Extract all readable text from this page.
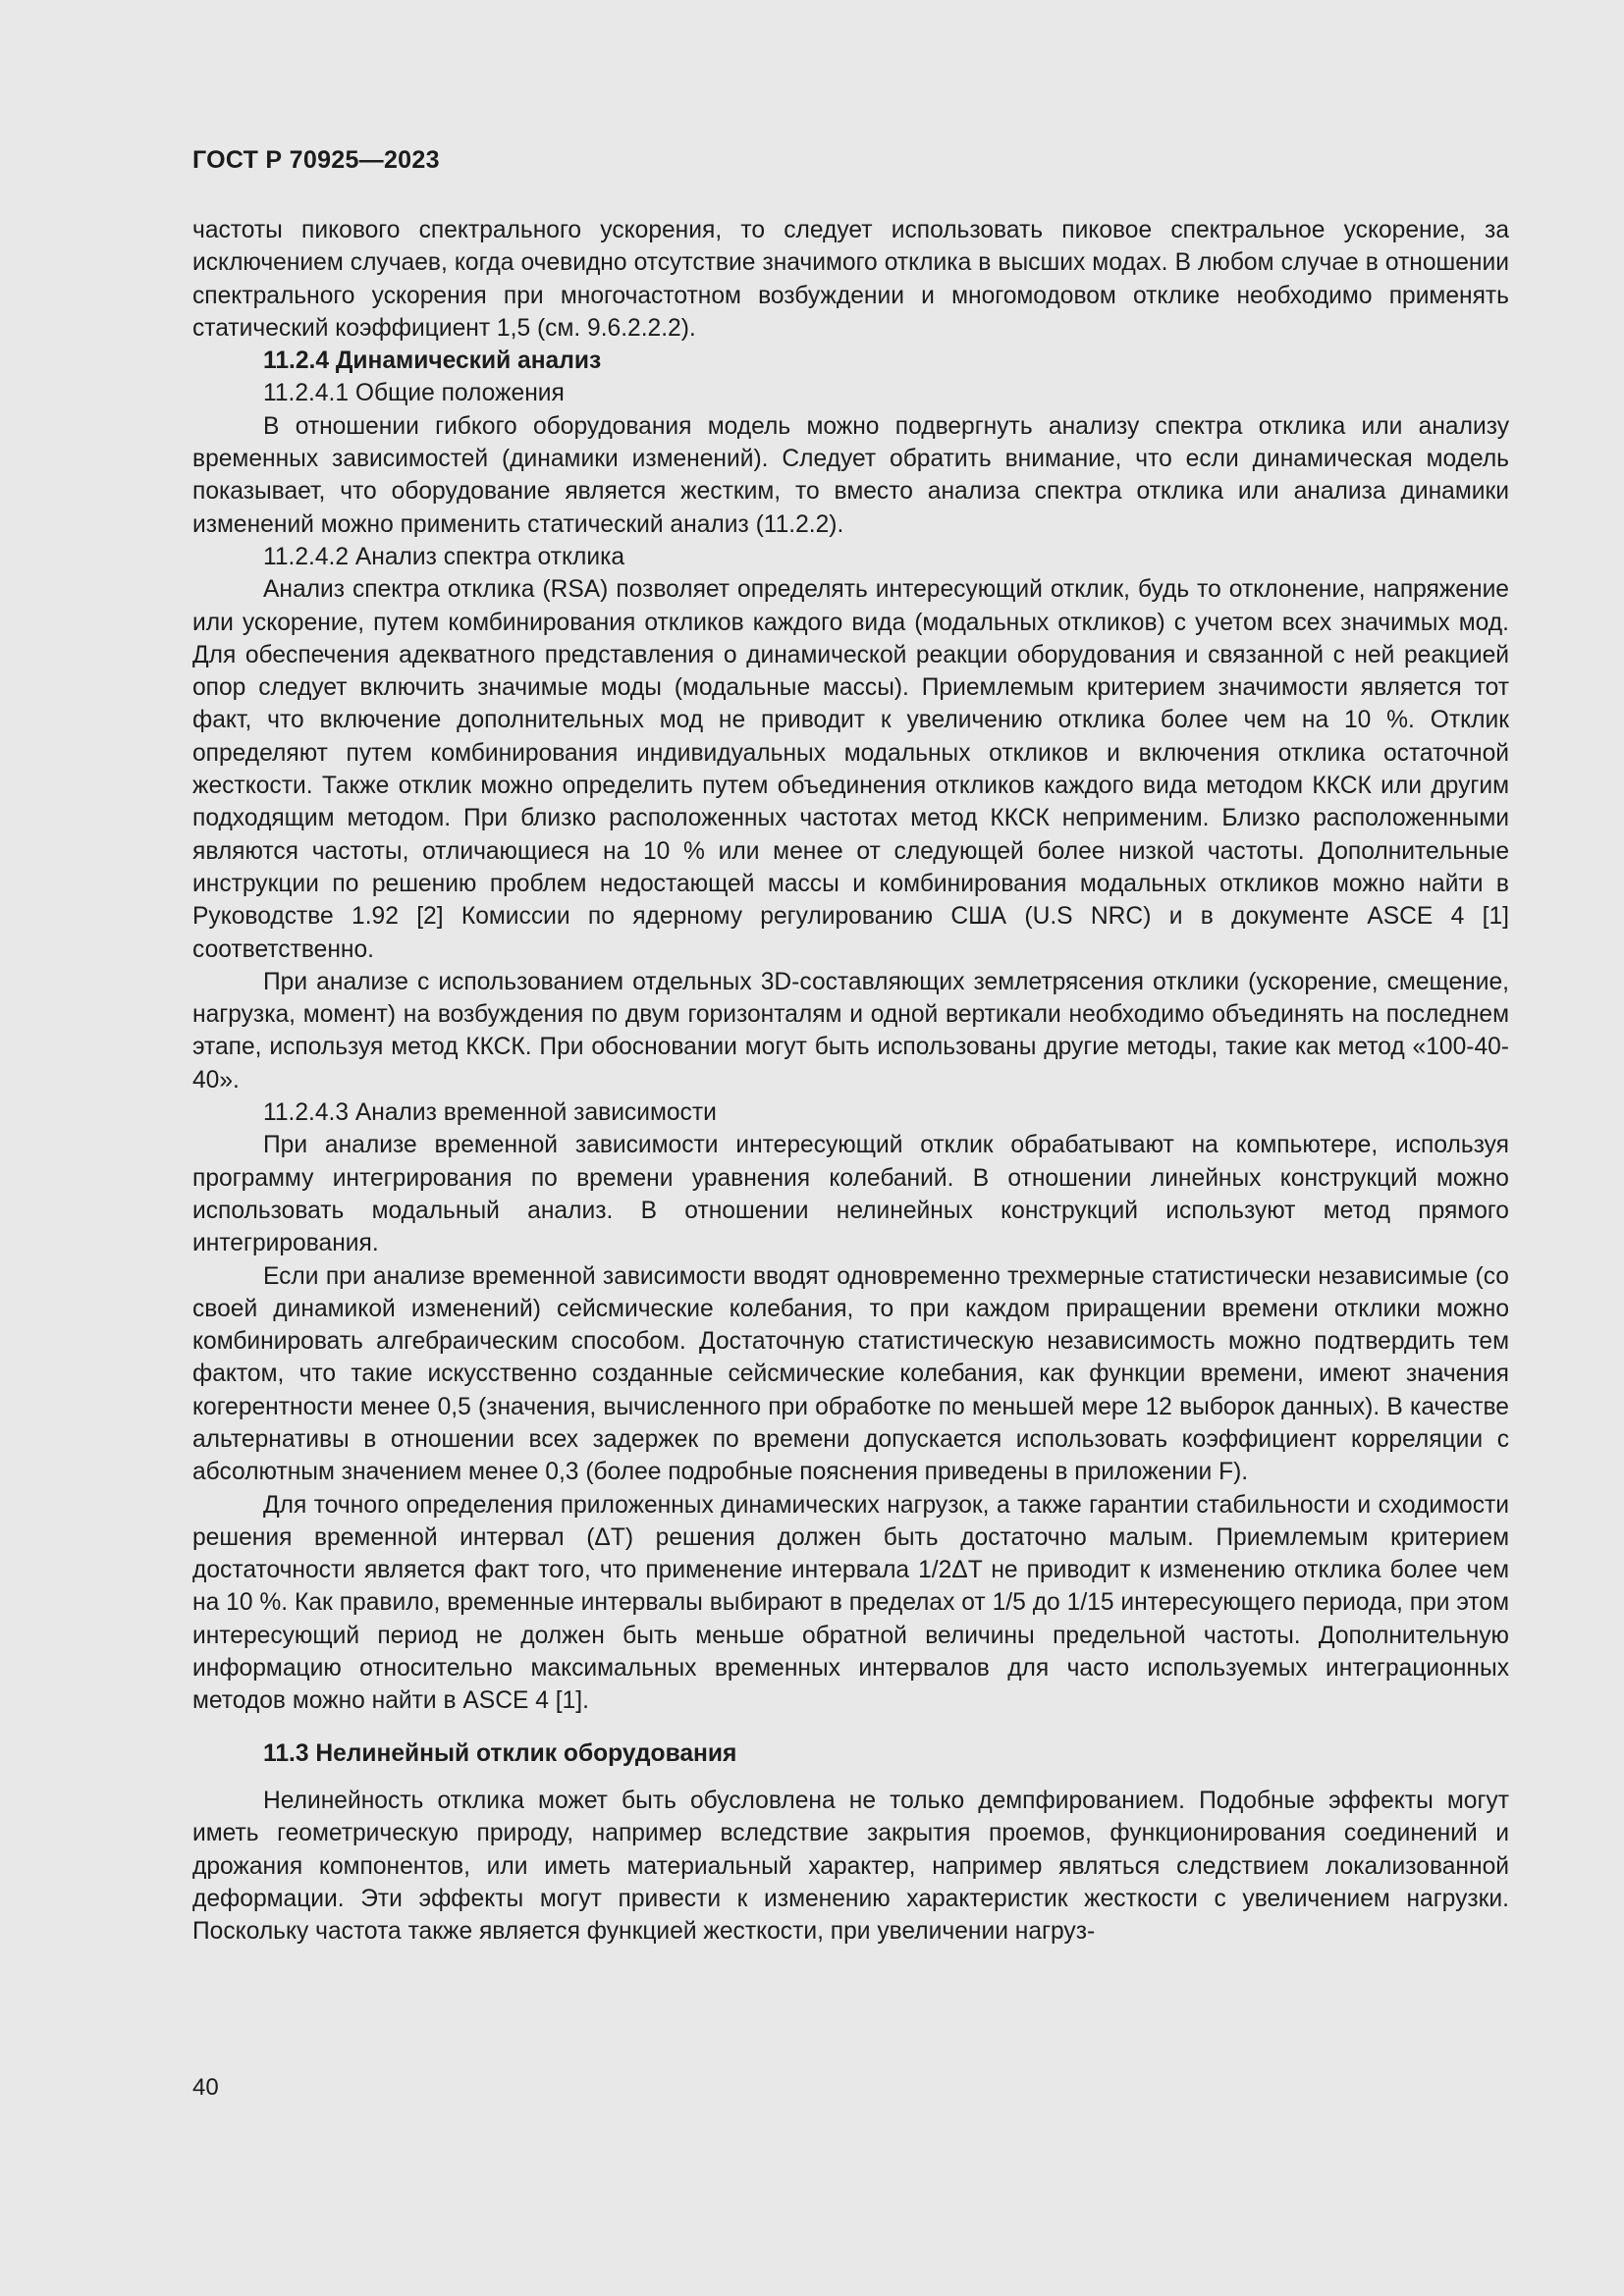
ГОСТ Р 70925—2023

частоты пикового спектрального ускорения, то следует использовать пиковое спектральное ускорение, за исключением случаев, когда очевидно отсутствие значимого отклика в высших модах. В любом случае в отношении спектрального ускорения при многочастотном возбуждении и многомодовом отклике необходимо применять статический коэффициент 1,5 (см. 9.6.2.2.2).

11.2.4 Динамический анализ
11.2.4.1 Общие положения

В отношении гибкого оборудования модель можно подвергнуть анализу спектра отклика или анализу временных зависимостей (динамики изменений). Следует обратить внимание, что если динамическая модель показывает, что оборудование является жестким, то вместо анализа спектра отклика или анализа динамики изменений можно применить статический анализ (11.2.2).

11.2.4.2 Анализ спектра отклика

Анализ спектра отклика (RSA) позволяет определять интересующий отклик, будь то отклонение, напряжение или ускорение, путем комбинирования откликов каждого вида (модальных откликов) с учетом всех значимых мод. Для обеспечения адекватного представления о динамической реакции оборудования и связанной с ней реакцией опор следует включить значимые моды (модальные массы). Приемлемым критерием значимости является тот факт, что включение дополнительных мод не приводит к увеличению отклика более чем на 10 %. Отклик определяют путем комбинирования индивидуальных модальных откликов и включения отклика остаточной жесткости. Также отклик можно определить путем объединения откликов каждого вида методом ККСК или другим подходящим методом. При близко расположенных частотах метод ККСК неприменим. Близко расположенными являются частоты, отличающиеся на 10 % или менее от следующей более низкой частоты. Дополнительные инструкции по решению проблем недостающей массы и комбинирования модальных откликов можно найти в Руководстве 1.92 [2] Комиссии по ядерному регулированию США (U.S NRC) и в документе ASCE 4 [1] соответственно.

При анализе с использованием отдельных 3D-составляющих землетрясения отклики (ускорение, смещение, нагрузка, момент) на возбуждения по двум горизонталям и одной вертикали необходимо объединять на последнем этапе, используя метод ККСК. При обосновании могут быть использованы другие методы, такие как метод «100-40-40».

11.2.4.3 Анализ временной зависимости

При анализе временной зависимости интересующий отклик обрабатывают на компьютере, используя программу интегрирования по времени уравнения колебаний. В отношении линейных конструкций можно использовать модальный анализ. В отношении нелинейных конструкций используют метод прямого интегрирования.

Если при анализе временной зависимости вводят одновременно трехмерные статистически независимые (со своей динамикой изменений) сейсмические колебания, то при каждом приращении времени отклики можно комбинировать алгебраическим способом. Достаточную статистическую независимость можно подтвердить тем фактом, что такие искусственно созданные сейсмические колебания, как функции времени, имеют значения когерентности менее 0,5 (значения, вычисленного при обработке по меньшей мере 12 выборок данных). В качестве альтернативы в отношении всех задержек по времени допускается использовать коэффициент корреляции с абсолютным значением менее 0,3 (более подробные пояснения приведены в приложении F).

Для точного определения приложенных динамических нагрузок, а также гарантии стабильности и сходимости решения временной интервал (ΔT) решения должен быть достаточно малым. Приемлемым критерием достаточности является факт того, что применение интервала 1/2ΔT не приводит к изменению отклика более чем на 10 %. Как правило, временные интервалы выбирают в пределах от 1/5 до 1/15 интересующего периода, при этом интересующий период не должен быть меньше обратной величины предельной частоты. Дополнительную информацию относительно максимальных временных интервалов для часто используемых интеграционных методов можно найти в ASCE 4 [1].

11.3 Нелинейный отклик оборудования

Нелинейность отклика может быть обусловлена не только демпфированием. Подобные эффекты могут иметь геометрическую природу, например вследствие закрытия проемов, функционирования соединений и дрожания компонентов, или иметь материальный характер, например являться следствием локализованной деформации. Эти эффекты могут привести к изменению характеристик жесткости с увеличением нагрузки. Поскольку частота также является функцией жесткости, при увеличении нагруз-

40
